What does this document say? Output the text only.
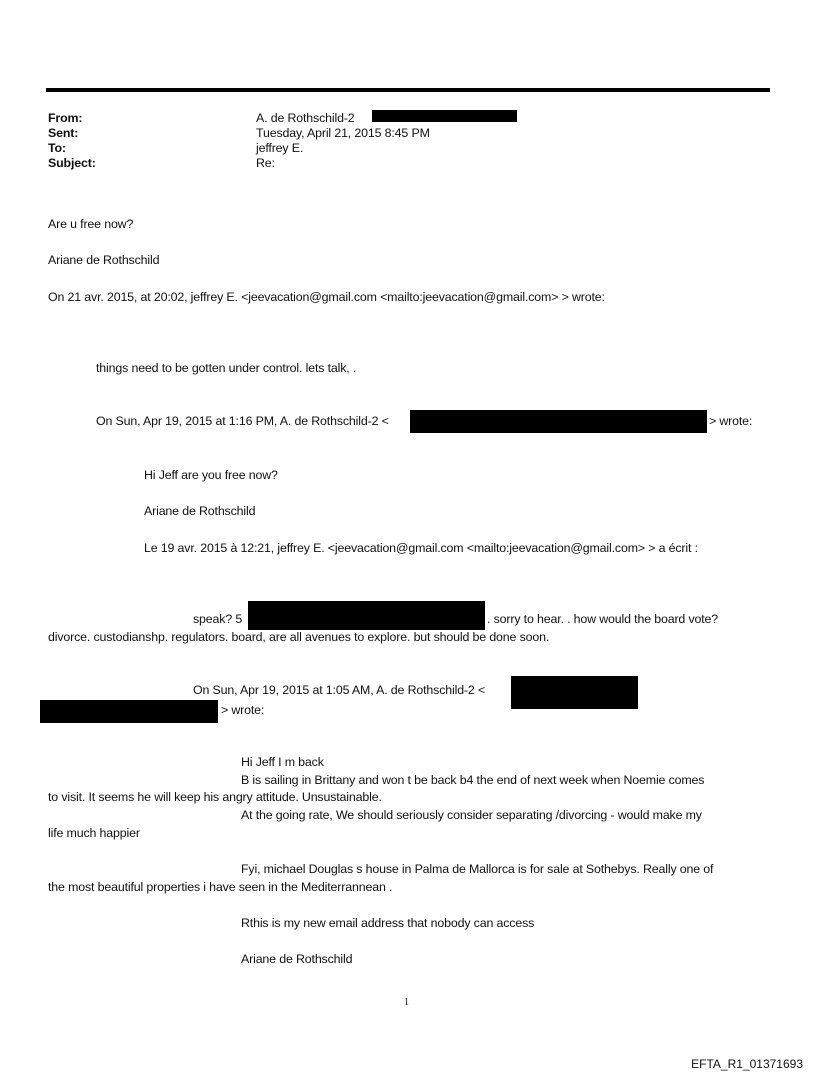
From:	A. de Rothschild-2
Sent:	Tuesday, April 21, 2015 8:45 PM
To:	jeffrey E.
Subject:	Re:
Are u free now?
Ariane de Rothschild
On 21 avr. 2015, at 20:02, jeffrey E. <jeevacation@gmail.com <mailto:jeevacation@gmail.com> > wrote:
things need to be gotten under control. lets talk, .
On Sun, Apr 19, 2015 at 1:16 PM, A. de Rothschild-2 <	> wrote:
Hi Jeff are you free now?
Ariane de Rothschild
Le 19 avr. 2015 à 12:21, jeffrey E. <jeevacation@gmail.com <mailto:jeevacation@gmail.com> > a écrit :
speak? 5	. sorry to hear. . how would the board vote?
divorce. custodianshp. regulators. board, are all avenues to explore. but should be done soon.
On Sun, Apr 19, 2015 at 1:05 AM, A. de Rothschild-2 <
> wrote:
Hi Jeff I m back
B is sailing in Brittany and won t be back b4 the end of next week when Noemie comes
to visit. It seems he will keep his angry attitude. Unsustainable.
At the going rate, We should seriously consider separating /divorcing - would make my
life much happier
Fyi, michael Douglas s house in Palma de Mallorca is for sale at Sothebys. Really one of
the most beautiful properties i have seen in the Mediterrannean .
Rthis is my new email address that nobody can access
Ariane de Rothschild
1
EFTA_R1_01371693
